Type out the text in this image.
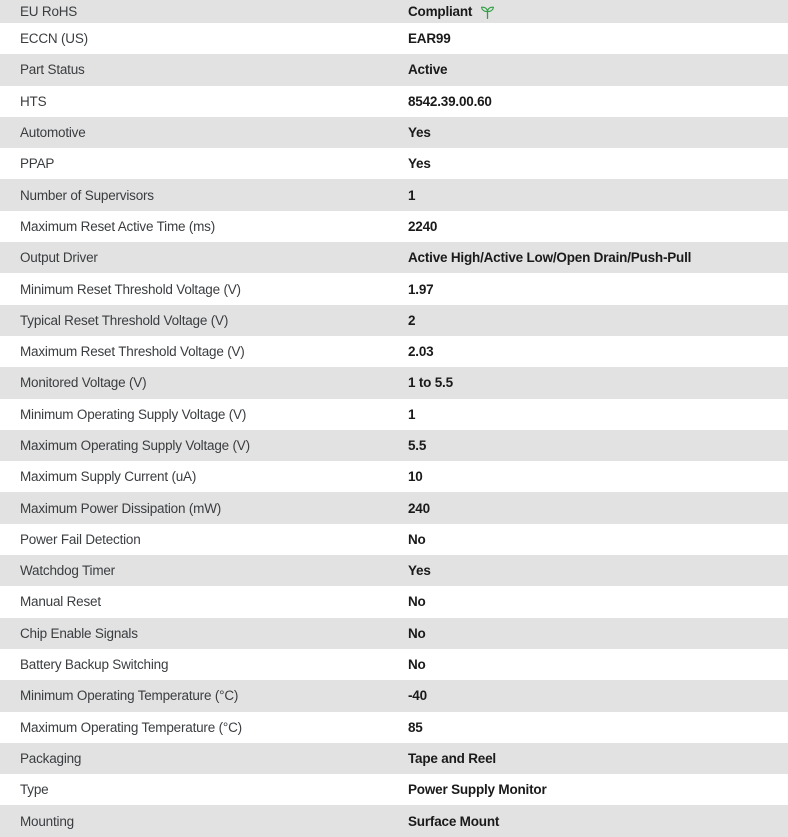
EU RoHS	Compliant
ECCN (US)	EAR99
Part Status	Active
HTS	8542.39.00.60
Automotive	Yes
PPAP	Yes
Number of Supervisors	1
Maximum Reset Active Time (ms)	2240
Output Driver	Active High/Active Low/Open Drain/Push-Pull
Minimum Reset Threshold Voltage (V)	1.97
Typical Reset Threshold Voltage (V)	2
Maximum Reset Threshold Voltage (V)	2.03
Monitored Voltage (V)	1 to 5.5
Minimum Operating Supply Voltage (V)	1
Maximum Operating Supply Voltage (V)	5.5
Maximum Supply Current (uA)	10
Maximum Power Dissipation (mW)	240
Power Fail Detection	No
Watchdog Timer	Yes
Manual Reset	No
Chip Enable Signals	No
Battery Backup Switching	No
Minimum Operating Temperature (°C)	-40
Maximum Operating Temperature (°C)	85
Packaging	Tape and Reel
Type	Power Supply Monitor
Mounting	Surface Mount
